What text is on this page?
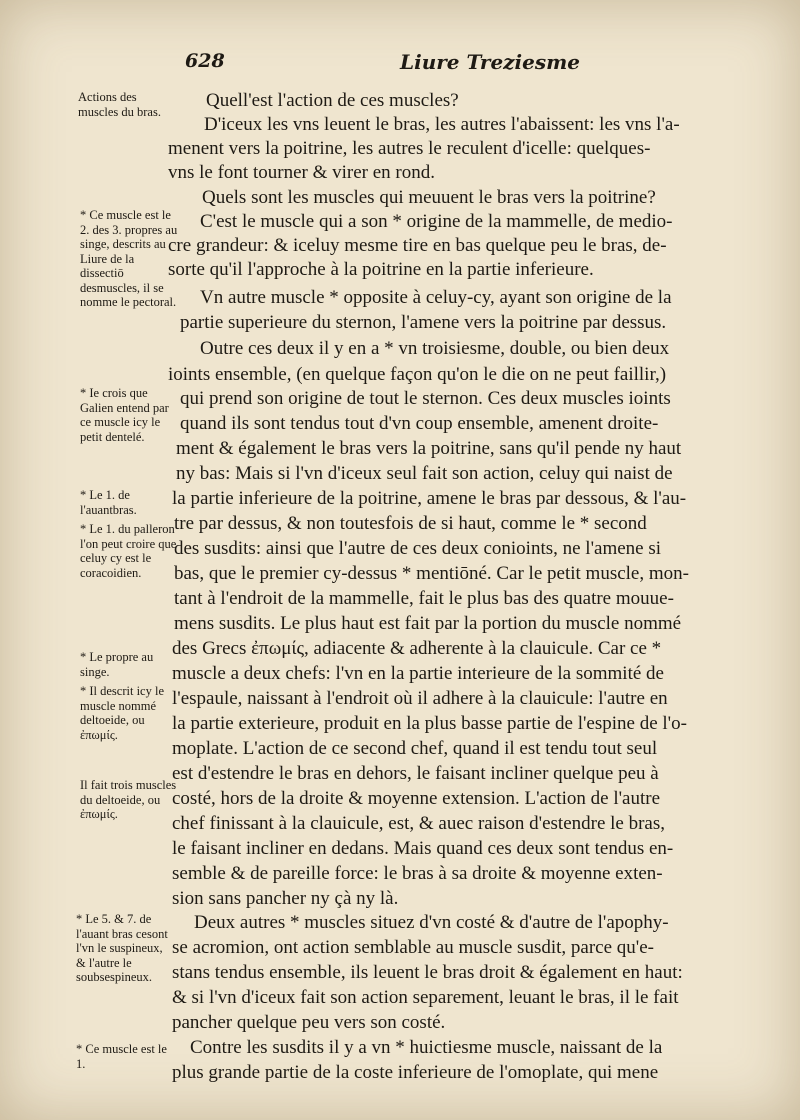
628	Liure Treziesme
Actions des muscles du bras.
* Ce muscle est le 2. des 3. propres au singe, descrits au Liure de la dissectiō desmuscles, il se nomme le pectoral.
* Ie crois que Galien entend par ce muscle icy le petit dentelé.
* Le 1. de l'auantbras.
* Le 1. du palleron l'on peut croire que celuy cy est le coracoidien.
* Le propre au singe.
* Il descrit icy le muscle nommé deltoeide, ou ἐπωμίς.
Il fait trois muscles du deltoeide, ou ἐπωμίς.
* Le 5. & 7. de l'auant bras cesont l'vn le suspineux, & l'autre le soubsespineux.
* Ce muscle est le 1.
Quell'est l'action de ces muscles?
D'iceux les vns leuent le bras, les autres l'abaissent: les vns l'a-
menent vers la poitrine, les autres le reculent d'icelle: quelques-
vns le font tourner & virer en rond.
Quels sont les muscles qui meuuent le bras vers la poitrine?
C'est le muscle qui a son * origine de la mammelle, de medio-
cre grandeur: & iceluy mesme tire en bas quelque peu le bras, de-
sorte qu'il l'approche à la poitrine en la partie inferieure.
Vn autre muscle * opposite à celuy-cy, ayant son origine de la
partie superieure du sternon, l'amene vers la poitrine par dessus.
Outre ces deux il y en a * vn troisiesme, double, ou bien deux
ioints ensemble, (en quelque façon qu'on le die on ne peut faillir,)
qui prend son origine de tout le sternon. Ces deux muscles ioints
quand ils sont tendus tout d'vn coup ensemble, amenent droite-
ment & également le bras vers la poitrine, sans qu'il pende ny haut
ny bas: Mais si l'vn d'iceux seul fait son action, celuy qui naist de
la partie inferieure de la poitrine, amene le bras par dessous, & l'au-
tre par dessus, & non toutesfois de si haut, comme le * second
des susdits: ainsi que l'autre de ces deux conioints, ne l'amene si
bas, que le premier cy-dessus * mentiōné. Car le petit muscle, mon-
tant à l'endroit de la mammelle, fait le plus bas des quatre mouue-
mens susdits. Le plus haut est fait par la portion du muscle nommé
des Grecs ἐπωμίς, adiacente & adherente à la clauicule. Car ce *
muscle a deux chefs: l'vn en la partie interieure de la sommité de
l'espaule, naissant à l'endroit où il adhere à la clauicule: l'autre en
la partie exterieure, produit en la plus basse partie de l'espine de l'o-
moplate. L'action de ce second chef, quand il est tendu tout seul
est d'estendre le bras en dehors, le faisant incliner quelque peu à
costé, hors de la droite & moyenne extension. L'action de l'autre
chef finissant à la clauicule, est, & auec raison d'estendre le bras,
le faisant incliner en dedans. Mais quand ces deux sont tendus en-
semble & de pareille force: le bras à sa droite & moyenne exten-
sion sans pancher ny çà ny là.
Deux autres * muscles situez d'vn costé & d'autre de l'apophy-
se acromion, ont action semblable au muscle susdit, parce qu'e-
stans tendus ensemble, ils leuent le bras droit & également en haut:
& si l'vn d'iceux fait son action separement, leuant le bras, il le fait
pancher quelque peu vers son costé.
Contre les susdits il y a vn * huictiesme muscle, naissant de la
plus grande partie de la coste inferieure de l'omoplate, qui mene
